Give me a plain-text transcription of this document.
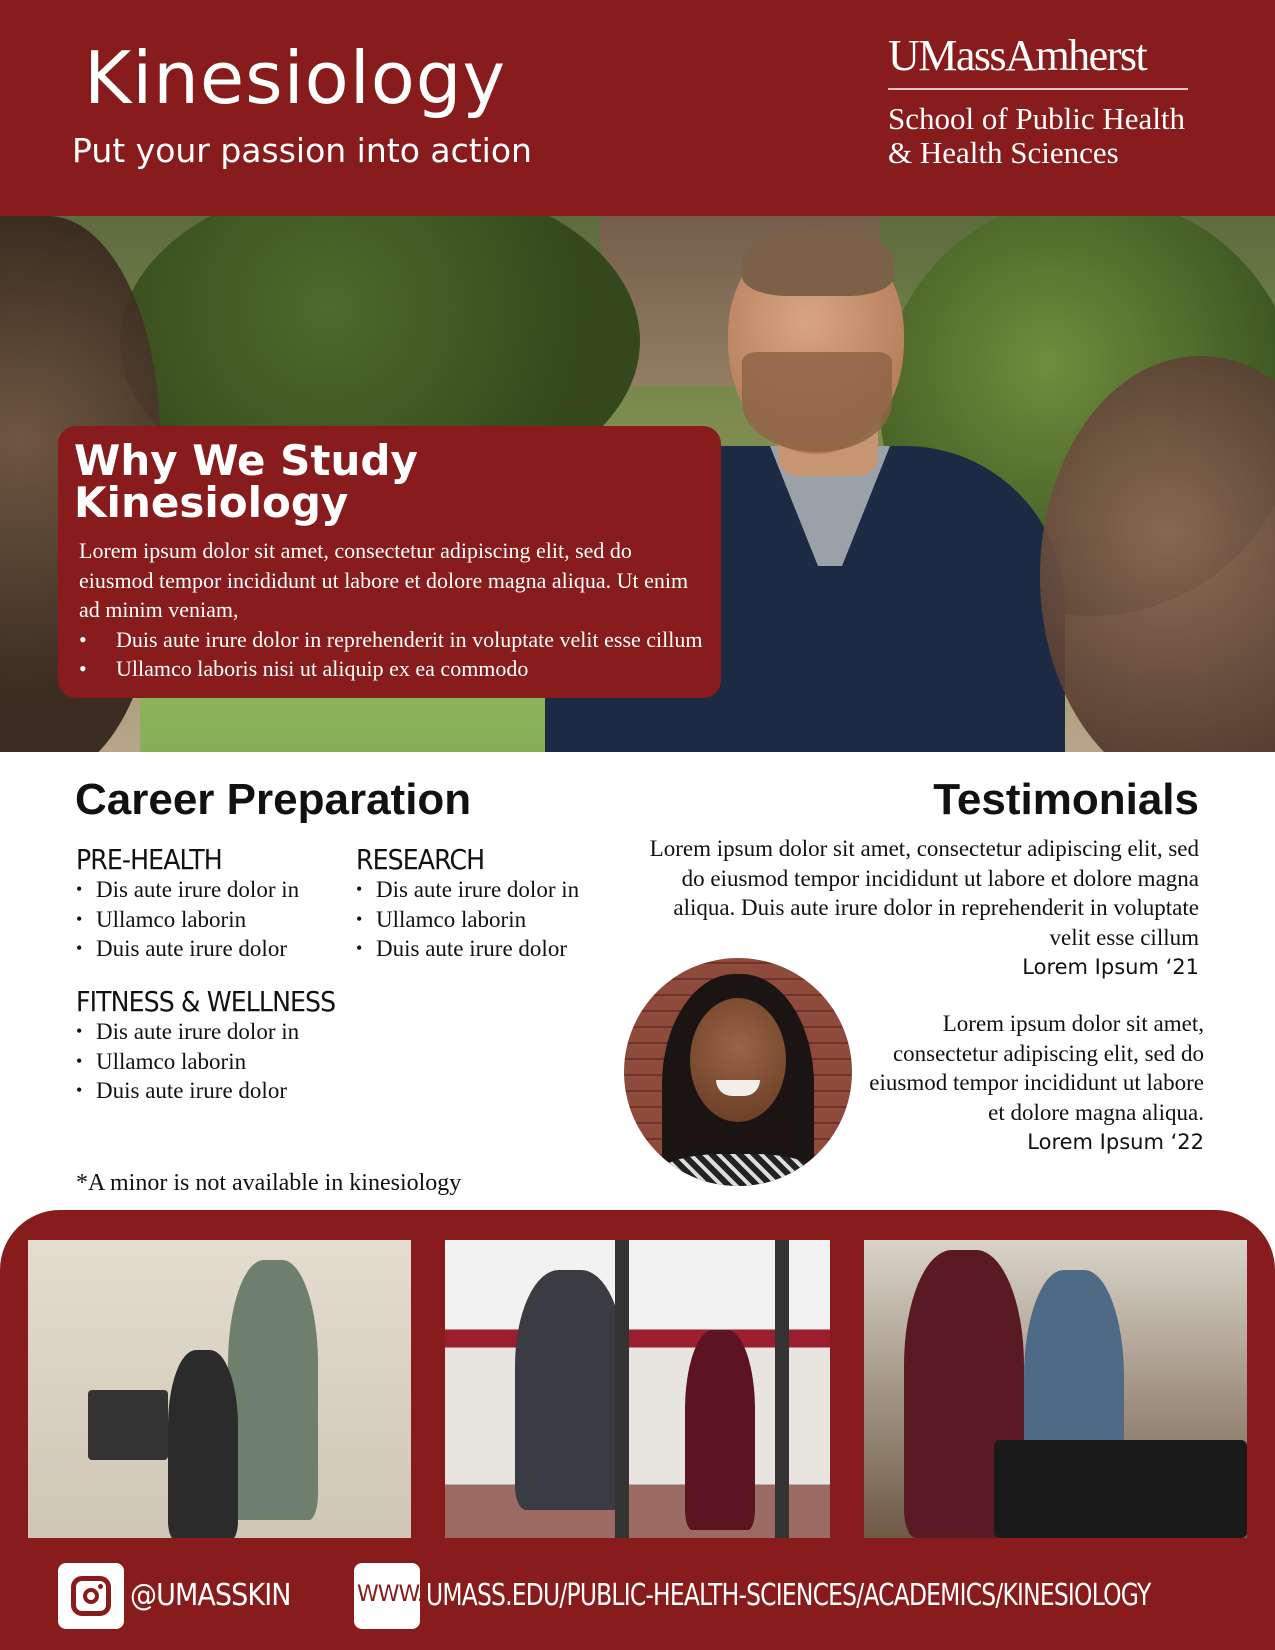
Kinesiology
Put your passion into action
UMassAmherst
School of Public Health
& Health Sciences
Why We Study Kinesiology
Lorem ipsum dolor sit amet, consectetur adipiscing elit, sed do eiusmod tempor incididunt ut labore et dolore magna aliqua. Ut enim ad minim veniam,
• Duis aute irure dolor in reprehenderit in voluptate velit esse cillum
• Ullamco laboris nisi ut aliquip ex ea commodo
Career Preparation
PRE-HEALTH
• Dis aute irure dolor in
• Ullamco laborin
• Duis aute irure dolor
RESEARCH
• Dis aute irure dolor in
• Ullamco laborin
• Duis aute irure dolor
FITNESS & WELLNESS
• Dis aute irure dolor in
• Ullamco laborin
• Duis aute irure dolor
*A minor is not available in kinesiology
Testimonials
Lorem ipsum dolor sit amet, consectetur adipiscing elit, sed do eiusmod tempor incididunt ut labore et dolore magna aliqua. Duis aute irure dolor in reprehenderit in voluptate velit esse cillum
Lorem Ipsum ‘21
Lorem ipsum dolor sit amet, consectetur adipiscing elit, sed do eiusmod tempor incididunt ut labore et dolore magna aliqua.
Lorem Ipsum ‘22
@UMASSKIN	WWW. UMASS.EDU/PUBLIC-HEALTH-SCIENCES/ACADEMICS/KINESIOLOGY
